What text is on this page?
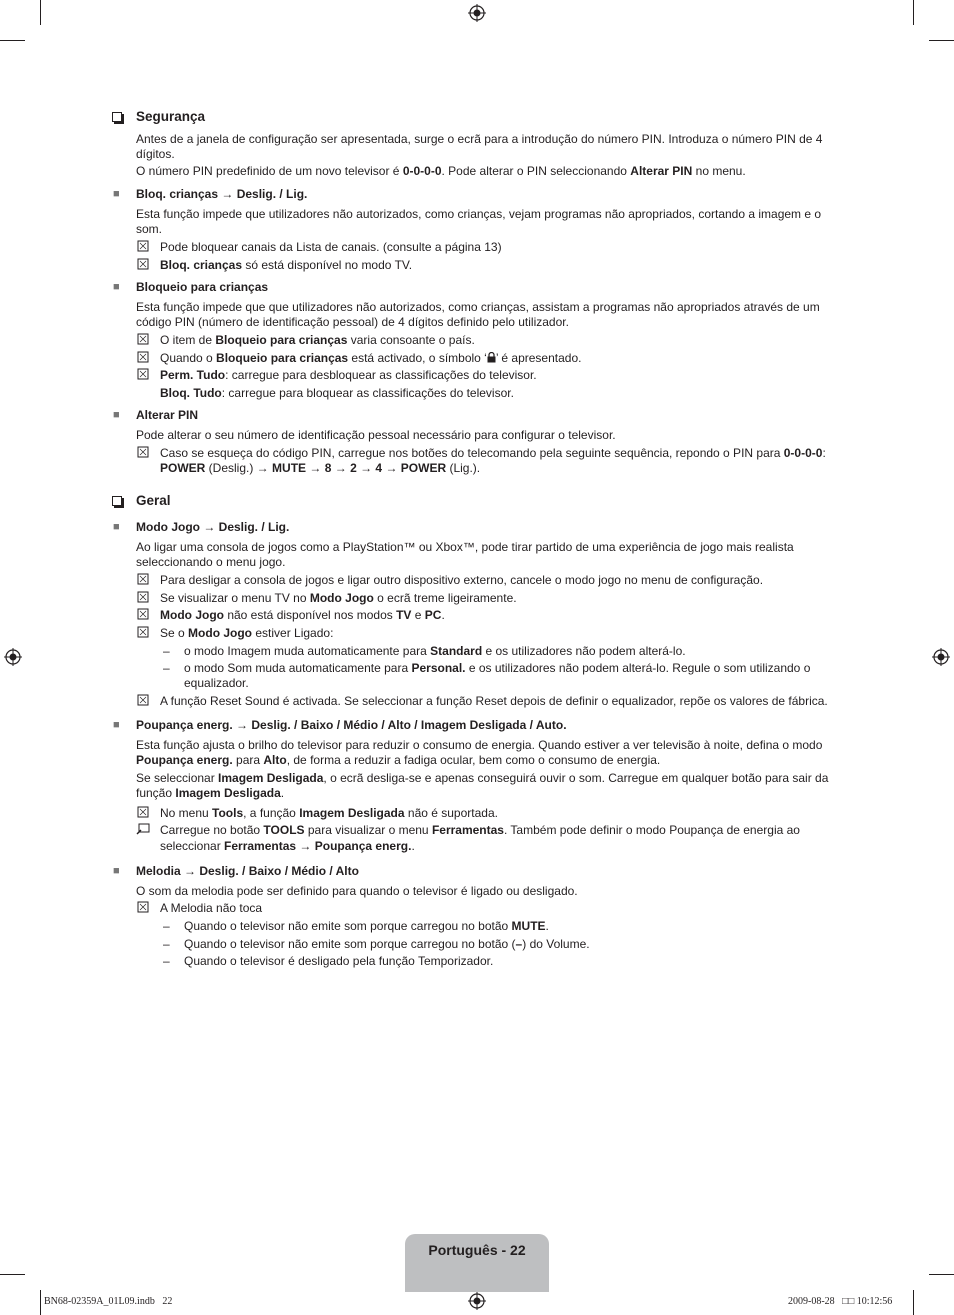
Segurança
Antes de a janela de configuração ser apresentada, surge o ecrã para a introdução do número PIN. Introduza o número PIN de 4
dígitos.
O número PIN predefinido de um novo televisor é 0-0-0-0. Pode alterar o PIN seleccionando Alterar PIN no menu.
■ Bloq. crianças → Deslig. / Lig.
Esta função impede que utilizadores não autorizados, como crianças, vejam programas não apropriados, cortando a imagem e o
som.
Pode bloquear canais da Lista de canais. (consulte a página 13)
Bloq. crianças só está disponível no modo TV.
■ Bloqueio para crianças
Esta função impede que que utilizadores não autorizados, como crianças, assistam a programas não apropriados através de um
código PIN (número de identificação pessoal) de 4 dígitos definido pelo utilizador.
O item de Bloqueio para crianças varia consoante o país.
Quando o Bloqueio para crianças está activado, o símbolo ‘ ’ é apresentado.
Perm. Tudo: carregue para desbloquear as classificações do televisor.
Bloq. Tudo: carregue para bloquear as classificações do televisor.
■ Alterar PIN
Pode alterar o seu número de identificação pessoal necessário para configurar o televisor.
Caso se esqueça do código PIN, carregue nos botões do telecomando pela seguinte sequência, repondo o PIN para 0-0-0-0:
POWER (Deslig.) → MUTE → 8 → 2 → 4 → POWER (Lig.).
Geral
■ Modo Jogo → Deslig. / Lig.
Ao ligar uma consola de jogos como a PlayStation™ ou Xbox™, pode tirar partido de uma experiência de jogo mais realista
seleccionando o menu jogo.
Para desligar a consola de jogos e ligar outro dispositivo externo, cancele o modo jogo no menu de configuração.
Se visualizar o menu TV no Modo Jogo o ecrã treme ligeiramente.
Modo Jogo não está disponível nos modos TV e PC.
Se o Modo Jogo estiver Ligado:
– o modo Imagem muda automaticamente para Standard e os utilizadores não podem alterá-lo.
– o modo Som muda automaticamente para Personal. e os utilizadores não podem alterá-lo. Regule o som utilizando o
equalizador.
A função Reset Sound é activada. Se seleccionar a função Reset depois de definir o equalizador, repõe os valores de fábrica.
■ Poupança energ. → Deslig. / Baixo / Médio / Alto / Imagem Desligada / Auto.
Esta função ajusta o brilho do televisor para reduzir o consumo de energia. Quando estiver a ver televisão à noite, defina o modo
Poupança energ. para Alto, de forma a reduzir a fadiga ocular, bem como o consumo de energia.
Se seleccionar Imagem Desligada, o ecrã desliga-se e apenas conseguirá ouvir o som. Carregue em qualquer botão para sair da
função Imagem Desligada.
No menu Tools, a função Imagem Desligada não é suportada.
Carregue no botão TOOLS para visualizar o menu Ferramentas. Também pode definir o modo Poupança de energia ao
seleccionar Ferramentas → Poupança energ..
■ Melodia → Deslig. / Baixo / Médio / Alto
O som da melodia pode ser definido para quando o televisor é ligado ou desligado.
A Melodia não toca
– Quando o televisor não emite som porque carregou no botão MUTE.
– Quando o televisor não emite som porque carregou no botão (–) do Volume.
– Quando o televisor é desligado pela função Temporizador.
Português - 22
BN68-02359A_01L09.indb   22	2009-08-28   □□ 10:12:56
